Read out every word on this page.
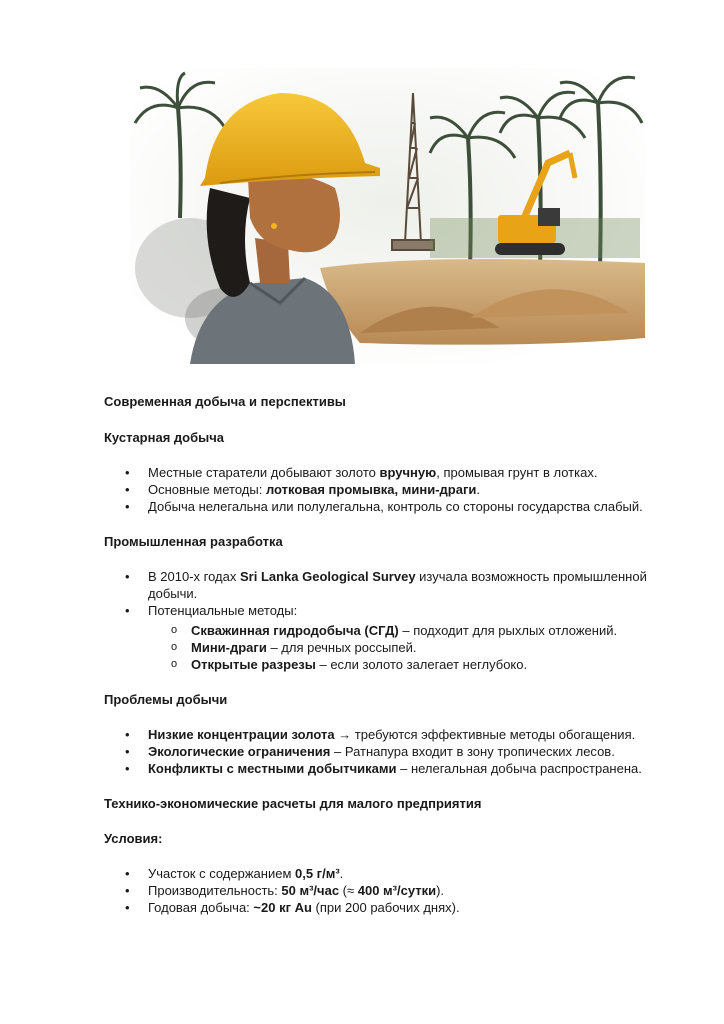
Современная добыча и перспективы

Кустарная добыча

• Местные старатели добывают золото вручную, промывая грунт в лотках.
• Основные методы: лотковая промывка, мини-драги.
• Добыча нелегальна или полулегальна, контроль со стороны государства слабый.

Промышленная разработка

• В 2010-х годах Sri Lanka Geological Survey изучала возможность промышленной
добычи.
• Потенциальные методы:
o Скважинная гидродобыча (СГД) – подходит для рыхлых отложений.
o Мини-драги – для речных россыпей.
o Открытые разрезы – если золото залегает неглубоко.

Проблемы добычи

• Низкие концентрации золота → требуются эффективные методы обогащения.
• Экологические ограничения – Ратнапура входит в зону тропических лесов.
• Конфликты с местными добытчиками – нелегальная добыча распространена.

Технико-экономические расчеты для малого предприятия

Условия:

• Участок с содержанием 0,5 г/м³.
• Производительность: 50 м³/час (≈ 400 м³/сутки).
• Годовая добыча: ~20 кг Au (при 200 рабочих днях).
